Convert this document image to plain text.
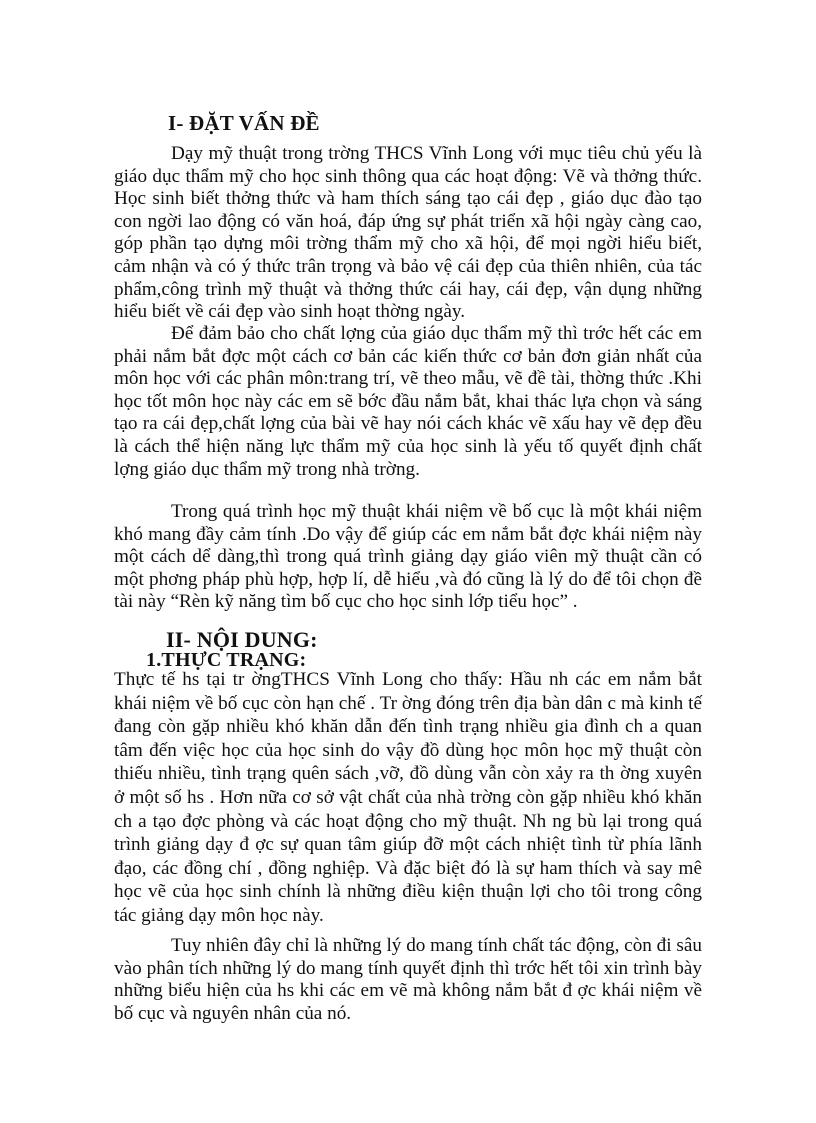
I- ĐẶT VẤN ĐỀ

Dạy mỹ thuật trong trờng THCS Vĩnh Long với mục tiêu chủ yếu là giáo dục thẩm mỹ cho học sinh thông qua các hoạt động: Vẽ và thởng thức. Học sinh biết thởng thức và ham thích sáng tạo cái đẹp , giáo dục đào tạo con ngời lao động có văn hoá, đáp ứng sự phát triển xã hội ngày càng cao, góp phần tạo dựng môi trờng thẩm mỹ cho xã hội, để mọi ngời hiểu biết, cảm nhận và có ý thức trân trọng và bảo vệ cái đẹp của thiên nhiên, của tác phẩm,công trình mỹ thuật và thởng thức cái hay, cái đẹp, vận dụng những hiểu biết về cái đẹp vào sinh hoạt thờng ngày.

Để đảm bảo cho chất lợng của giáo dục thẩm mỹ thì trớc hết các em phải nắm bắt đợc một cách cơ bản các kiến thức cơ bản đơn giản nhất của môn học với các phân môn:trang trí, vẽ theo mẫu, vẽ đề tài, thờng thức .Khi học tốt môn học này các em sẽ bớc đầu nắm bắt, khai thác lựa chọn và sáng tạo ra cái đẹp,chất lợng của bài vẽ hay nói cách khác vẽ xấu hay vẽ đẹp đều là cách thể hiện năng lực thẩm mỹ của học sinh là yếu tố quyết định chất lợng giáo dục thẩm mỹ trong nhà trờng.

Trong quá trình học mỹ thuật khái niệm về bố cục là một khái niệm khó mang đầy cảm tính .Do vậy để giúp các em nắm bắt đợc khái niệm này một cách dể dàng,thì trong quá trình giảng dạy giáo viên mỹ thuật cần có một phơng pháp phù hợp, hợp lí, dễ hiểu ,và đó cũng là lý do để tôi chọn đề tài này “Rèn kỹ năng tìm bố cục cho học sinh lớp tiểu học” .

II- NỘI DUNG:
1.THỰC TRẠNG:

Thực tế hs tại tr ờngTHCS Vĩnh Long cho thấy: Hầu nh các em nắm bắt khái niệm về bố cục còn hạn chế . Tr ờng đóng trên địa bàn dân c mà kinh tế đang còn gặp nhiều khó khăn dẫn đến tình trạng nhiều gia đình ch a quan tâm đến việc học của học sinh do vậy đồ dùng học môn học mỹ thuật còn thiếu nhiều, tình trạng quên sách ,vỡ, đồ dùng vẫn còn xảy ra th ờng xuyên ở một số hs . Hơn nữa cơ sở vật chất của nhà trờng còn gặp nhiều khó khăn ch a tạo đợc phòng và các hoạt động cho mỹ thuật. Nh ng bù lại trong quá trình giảng dạy đ ợc sự quan tâm giúp đỡ một cách nhiệt tình từ phía lãnh đạo, các đồng chí , đồng nghiệp. Và đặc biệt đó là sự ham thích và say mê học vẽ của học sinh chính là những điều kiện thuận lợi cho tôi trong công tác giảng dạy môn học này.

Tuy nhiên đây chỉ là những lý do mang tính chất tác động, còn đi sâu vào phân tích những lý do mang tính quyết định thì trớc hết tôi xin trình bày những biểu hiện của hs khi các em vẽ mà không nắm bắt đ ợc khái niệm về bố cục và nguyên nhân của nó.
